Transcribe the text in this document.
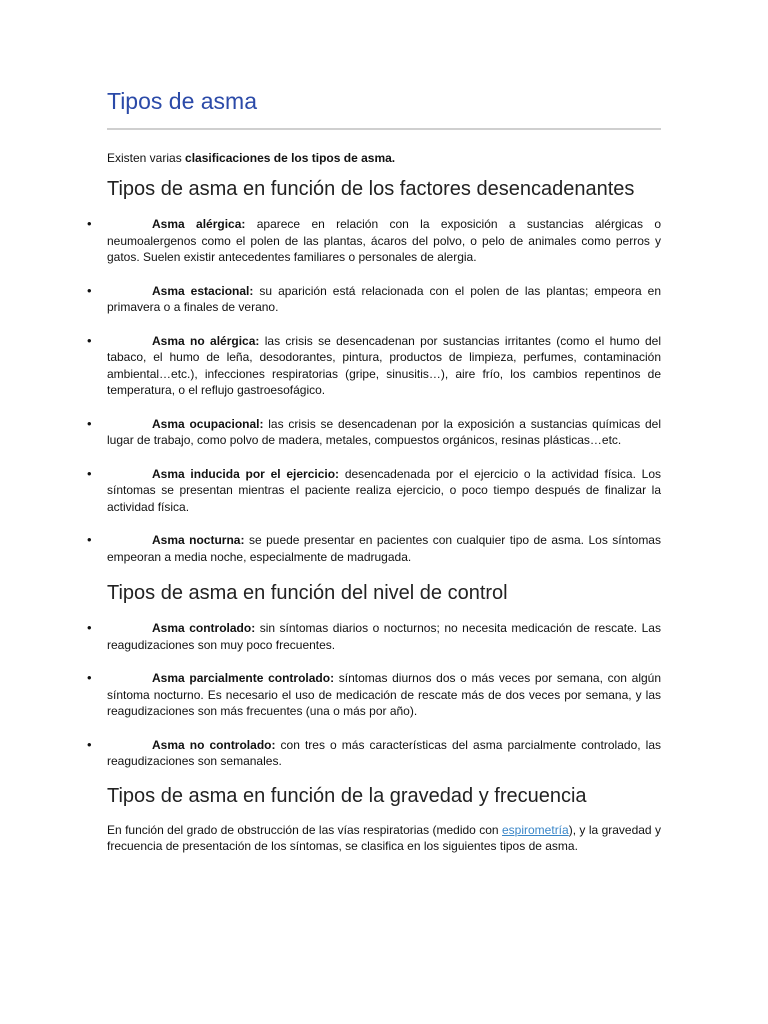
Tipos de asma

Existen varias clasificaciones de los tipos de asma.

Tipos de asma en función de los factores desencadenantes
•	Asma alérgica: aparece en relación con la exposición a sustancias alérgicas o neumoalergenos como el polen de las plantas, ácaros del polvo, o pelo de animales como perros y gatos. Suelen existir antecedentes familiares o personales de alergia.
•	Asma estacional: su aparición está relacionada con el polen de las plantas; empeora en primavera o a finales de verano.
•	Asma no alérgica: las crisis se desencadenan por sustancias irritantes (como el humo del tabaco, el humo de leña, desodorantes, pintura, productos de limpieza, perfumes, contaminación ambiental…etc.), infecciones respiratorias (gripe, sinusitis…), aire frío, los cambios repentinos de temperatura, o el reflujo gastroesofágico.
•	Asma ocupacional: las crisis se desencadenan por la exposición a sustancias químicas del lugar de trabajo, como polvo de madera, metales, compuestos orgánicos, resinas plásticas…etc.
•	Asma inducida por el ejercicio: desencadenada por el ejercicio o la actividad física. Los síntomas se presentan mientras el paciente realiza ejercicio, o poco tiempo después de finalizar la actividad física.
•	Asma nocturna: se puede presentar en pacientes con cualquier tipo de asma. Los síntomas empeoran a media noche, especialmente de madrugada.
Tipos de asma en función del nivel de control
•	Asma controlado: sin síntomas diarios o nocturnos; no necesita medicación de rescate. Las reagudizaciones son muy poco frecuentes.
•	Asma parcialmente controlado: síntomas diurnos dos o más veces por semana, con algún síntoma nocturno. Es necesario el uso de medicación de rescate más de dos veces por semana, y las reagudizaciones son más frecuentes (una o más por año).
•	Asma no controlado: con tres o más características del asma parcialmente controlado, las reagudizaciones son semanales.
Tipos de asma en función de la gravedad y frecuencia

En función del grado de obstrucción de las vías respiratorias (medido con espirometría), y la gravedad y frecuencia de presentación de los síntomas, se clasifica en los siguientes tipos de asma.
